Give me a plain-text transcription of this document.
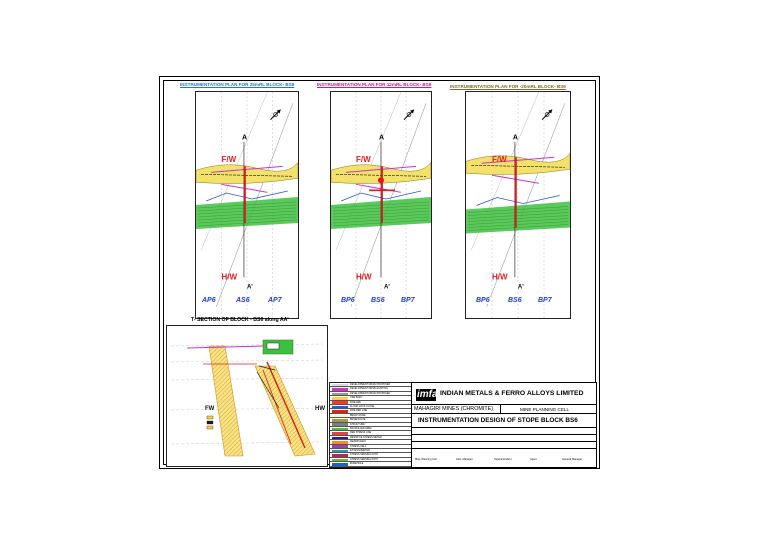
INSTRUMENTATION PLAN FOR 25mRL BLOCK- BS6	INSTRUMENTATION PLAN FOR 12mRL BLOCK- BS6	INSTRUMENTATION PLAN FOR -20mRL BLOCK- BS6
A
A'
F/W
H/W
A
A'
F/W
H/W
A
A'
F/W
H/W
AP6	AS6	AP7	BP6 BS6 BP7	BP6	BS6 BP7
T- SECTION OF BLOCK - BS6 along AA'
FW	HW
DEVELOPMENT DRIVE PROPOSED
DEVELOPMENT DRIVE EXISTING
DEVELOPMENT DRIVE PROPOSED
ORE BODY
FIRE ARE
FLOOR LOCK CLOSE
FIRE RED LINE
BENCH ZONE
BENEFICIATE
STRUCTURE
BACKFILLED AREA
RED STRESS LINE
RESISTIVE STRESS METER
SEISMIC/GEO
STRESS CELL
EXTENSOMETER
STRESS SENSING PATH
STRESS SENSING PATH
BOREHOLE
imfa INDIAN METALS & FERRO ALLOYS LIMITED
MAHAGIRI MINES (CHROMITE)	MINE PLANNING CELL
INSTRUMENTATION DESIGN OF STOPE BLOCK BS6
Mine Planning Cell	Asst. Manager	Superintendent	Agent	General Manager
